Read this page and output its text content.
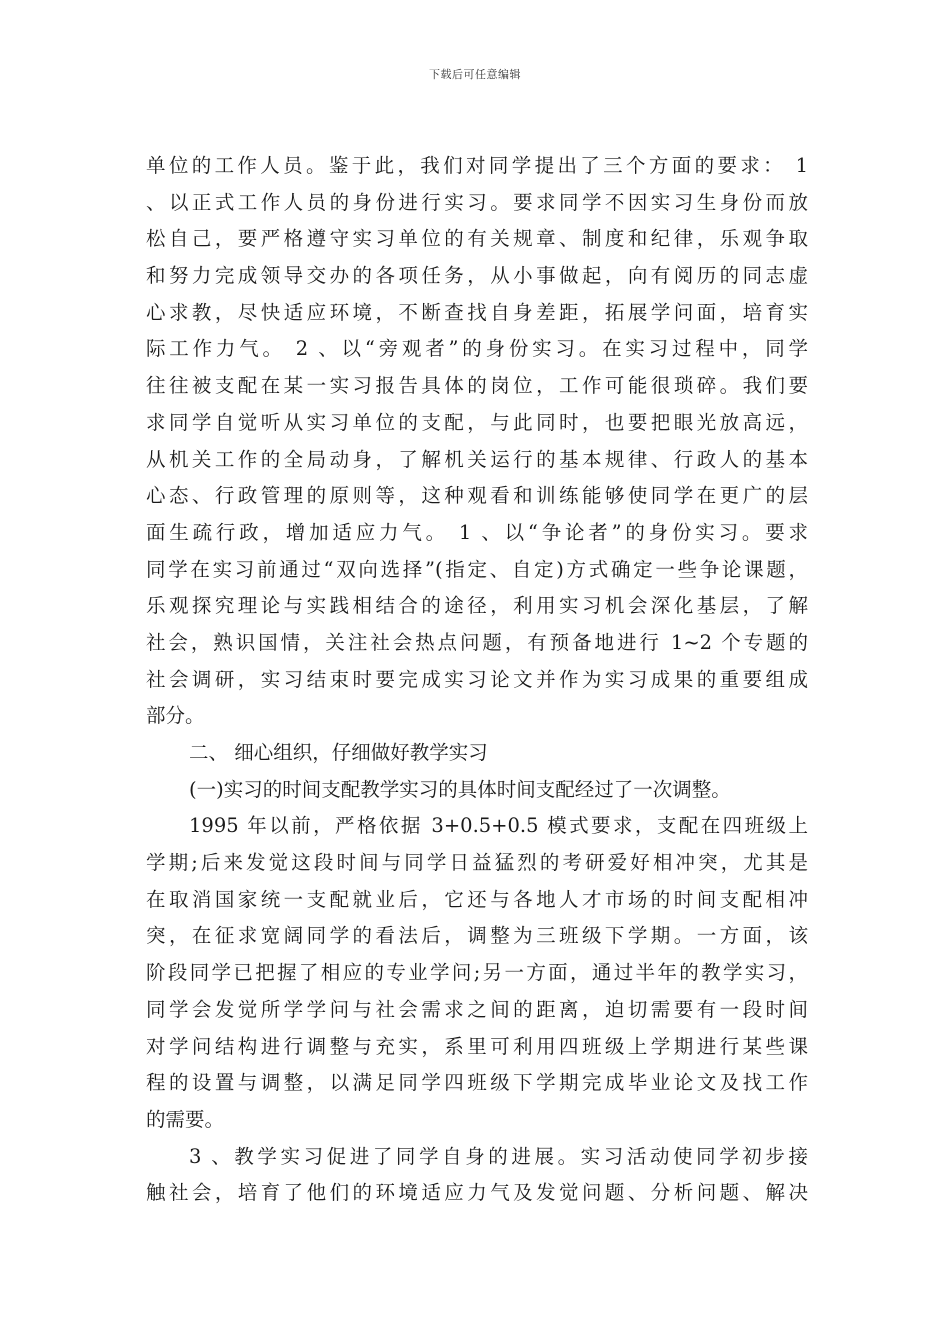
下载后可任意编辑
单位的工作人员。鉴于此，我们对同学提出了三个方面的要求： 1
、以正式工作人员的身份进行实习。要求同学不因实习生身份而放
松自己，要严格遵守实习单位的有关规章、制度和纪律，乐观争取
和努力完成领导交办的各项任务，从小事做起，向有阅历的同志虚
心求教，尽快适应环境，不断查找自身差距，拓展学问面，培育实
际工作力气。 2 、以“旁观者”的身份实习。在实习过程中，同学
往往被支配在某一实习报告具体的岗位，工作可能很琐碎。我们要
求同学自觉听从实习单位的支配，与此同时，也要把眼光放高远，
从机关工作的全局动身，了解机关运行的基本规律、行政人的基本
心态、行政管理的原则等，这种观看和训练能够使同学在更广的层
面生疏行政，增加适应力气。 1 、以“争论者”的身份实习。要求
同学在实习前通过“双向选择”(指定、自定)方式确定一些争论课题，
乐观探究理论与实践相结合的途径，利用实习机会深化基层，了解
社会，熟识国情，关注社会热点问题，有预备地进行 1~2 个专题的
社会调研，实习结束时要完成实习论文并作为实习成果的重要组成
部分。
二、 细心组织，仔细做好教学实习
(一)实习的时间支配教学实习的具体时间支配经过了一次调整。
1995 年以前，严格依据 3+0.5+0.5 模式要求，支配在四班级上
学期;后来发觉这段时间与同学日益猛烈的考研爱好相冲突，尤其是
在取消国家统一支配就业后，它还与各地人才市场的时间支配相冲
突，在征求宽阔同学的看法后，调整为三班级下学期。一方面，该
阶段同学已把握了相应的专业学问;另一方面，通过半年的教学实习，
同学会发觉所学学问与社会需求之间的距离，迫切需要有一段时间
对学问结构进行调整与充实，系里可利用四班级上学期进行某些课
程的设置与调整，以满足同学四班级下学期完成毕业论文及找工作
的需要。
3 、教学实习促进了同学自身的进展。实习活动使同学初步接
触社会，培育了他们的环境适应力气及发觉问题、分析问题、解决
